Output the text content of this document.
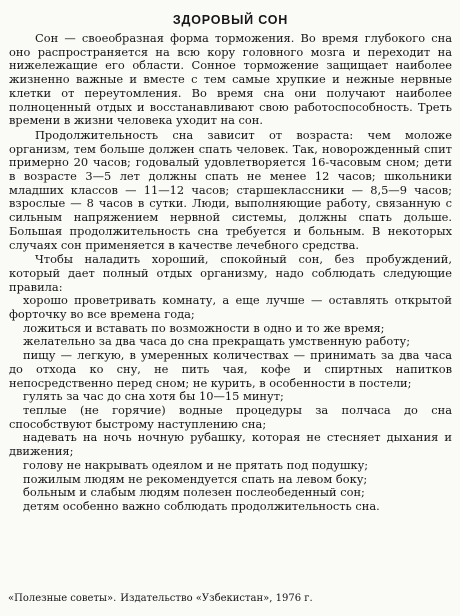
ЗДОРОВЫЙ СОН

Сон — своеобразная форма торможения. Во время глубокого сна оно распространяется на всю кору головного мозга и переходит на нижележащие его области. Сонное торможение защищает наиболее жизненно важные и вместе с тем самые хрупкие и нежные нервные клетки от переутомления. Во время сна они получают наиболее полноценный отдых и восстанавливают свою работоспособность. Треть времени в жизни человека уходит на сон.

Продолжительность сна зависит от возраста: чем моложе организм, тем больше должен спать человек. Так, новорожденный спит примерно 20 часов; годовалый удовлетворяется 16-часовым сном; дети в возрасте 3—5 лет должны спать не менее 12 часов; школьники младших классов — 11—12 часов; старшеклассники — 8,5—9 часов; взрослые — 8 часов в сутки. Люди, выполняющие работу, связанную с сильным напряжением нервной системы, должны спать дольше. Большая продолжительность сна требуется и больным. В некоторых случаях сон применяется в качестве лечебного средства.

Чтобы наладить хороший, спокойный сон, без пробуждений, который дает полный отдых организму, надо соблюдать следующие правила:

хорошо проветривать комнату, а еще лучше — оставлять открытой форточку во все времена года;

ложиться и вставать по возможности в одно и то же время;

желательно за два часа до сна прекращать умственную работу;

пищу — легкую, в умеренных количествах — принимать за два часа до отхода ко сну, не пить чая, кофе и спиртных напитков непосредственно перед сном; не курить, в особенности в постели;

гулять за час до сна хотя бы 10—15 минут;

теплые (не горячие) водные процедуры за полчаса до сна способствуют быстрому наступлению сна;

надевать на ночь ночную рубашку, которая не стесняет дыхания и движения;

голову не накрывать одеялом и не прятать под подушку;

пожилым людям не рекомендуется спать на левом боку;

больным и слабым людям полезен послеобеденный сон;

детям особенно важно соблюдать продолжительность сна.

«Полезные советы». Издательство «Узбекистан», 1976 г.
